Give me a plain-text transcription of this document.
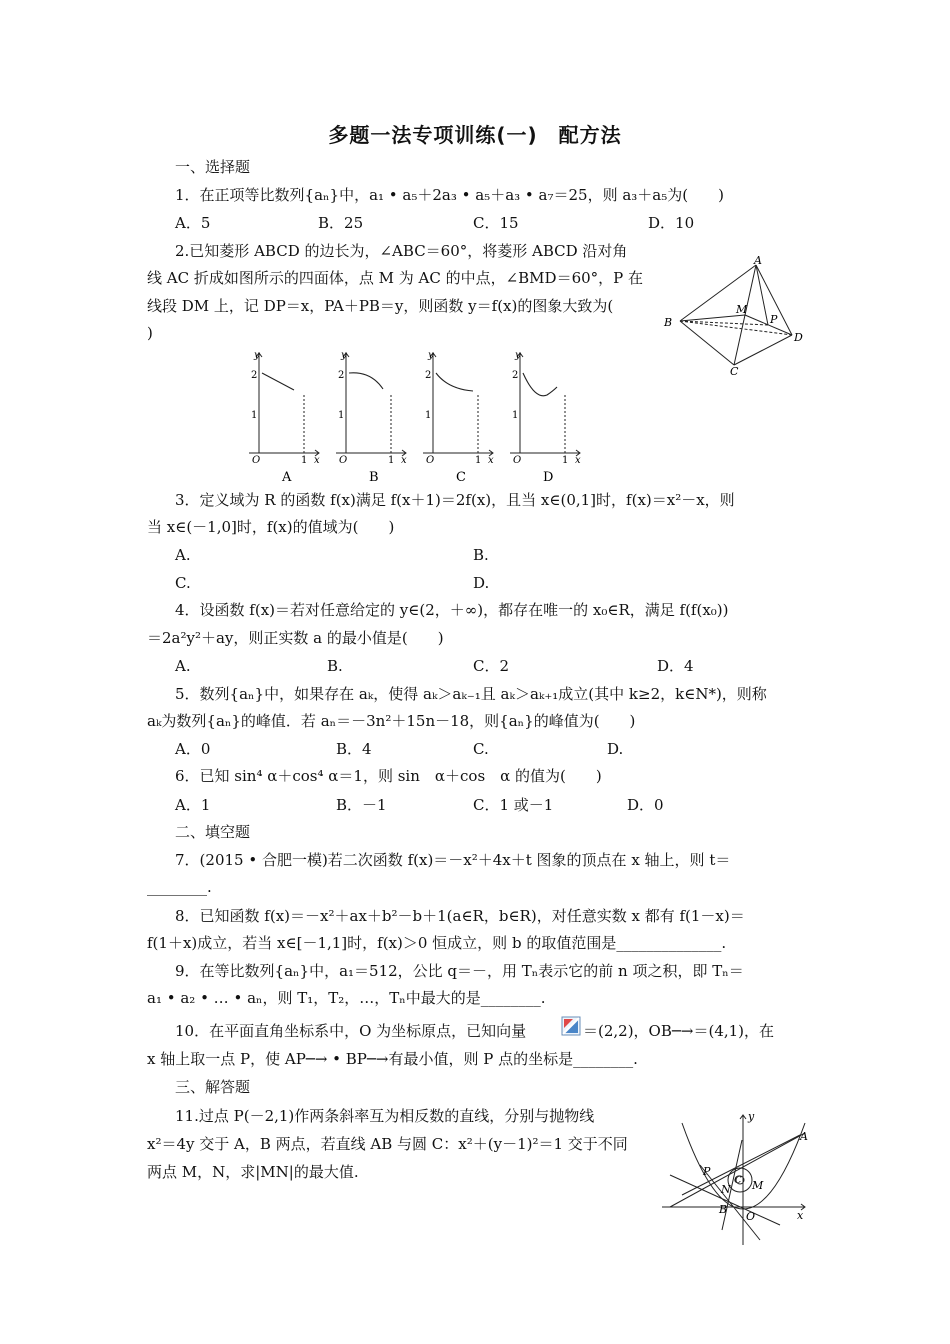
多题一法专项训练(一)　配方法
一、选择题
1．在正项等比数列{aₙ}中，a₁ • a₅＋2a₃ • a₅＋a₃ • a₇＝25，则 a₃＋a₅为(　　)
A．5	B．25	C．15	D．10
2.已知菱形 ABCD 的边长为，∠ABC＝60°，将菱形 ABCD 沿对角
线 AC 折成如图所示的四面体，点 M 为 AC 的中点，∠BMD＝60°，P 在
线段 DM 上，记 DP＝x，PA＋PB＝y，则函数 y＝f(x)的图象大致为(
)
A
B
C
D
M
P
y
2
1
O	1 x
A
y
2
1
O	1 x
B
y
2
1
O	1 x
C
y
2
1
O	1 x
D
3．定义域为 R 的函数 f(x)满足 f(x＋1)＝2f(x)，且当 x∈(0,1]时，f(x)＝x²－x，则
当 x∈(－1,0]时，f(x)的值域为(　　)
A.	B.
C.	D.
4．设函数 f(x)＝若对任意给定的 y∈(2，＋∞)，都存在唯一的 x₀∈R，满足 f(f(x₀))
＝2a²y²＋ay，则正实数 a 的最小值是(　　)
A.	B.	C．2	D．4
5．数列{aₙ}中，如果存在 aₖ，使得 aₖ＞aₖ₋₁且 aₖ＞aₖ₊₁成立(其中 k≥2，k∈N*)，则称
aₖ为数列{aₙ}的峰值．若 aₙ＝－3n²＋15n－18，则{aₙ}的峰值为(　　)
A．0	B．4	C.	D.
6．已知 sin⁴ α＋cos⁴ α＝1，则 sin　α＋cos　α 的值为(　　)
A．1	B．－1	C．1 或－1	D．0
二、填空题
7．(2015 • 合肥一模)若二次函数 f(x)＝－x²＋4x＋t 图象的顶点在 x 轴上，则 t＝
________.
8．已知函数 f(x)＝－x²＋ax＋b²－b＋1(a∈R，b∈R)，对任意实数 x 都有 f(1－x)＝
f(1＋x)成立，若当 x∈[－1,1]时，f(x)＞0 恒成立，则 b 的取值范围是______________.
9．在等比数列{aₙ}中，a₁＝512，公比 q＝－，用 Tₙ表示它的前 n 项之积，即 Tₙ＝
a₁ • a₂ • … • aₙ，则 T₁，T₂，…，Tₙ中最大的是________.
10．在平面直角坐标系中，O 为坐标原点，已知向量	＝(2,2)，OB─→＝(4,1)，在
x 轴上取一点 P，使 AP─→ • BP─→有最小值，则 P 点的坐标是________.
三、解答题
11.过点 P(－2,1)作两条斜率互为相反数的直线，分别与抛物线
x²＝4y 交于 A，B 两点，若直线 AB 与圆 C：x²＋(y－1)²＝1 交于不同
两点 M，N，求|MN|的最大值.
y
x
A
B
P
N
C M
O
